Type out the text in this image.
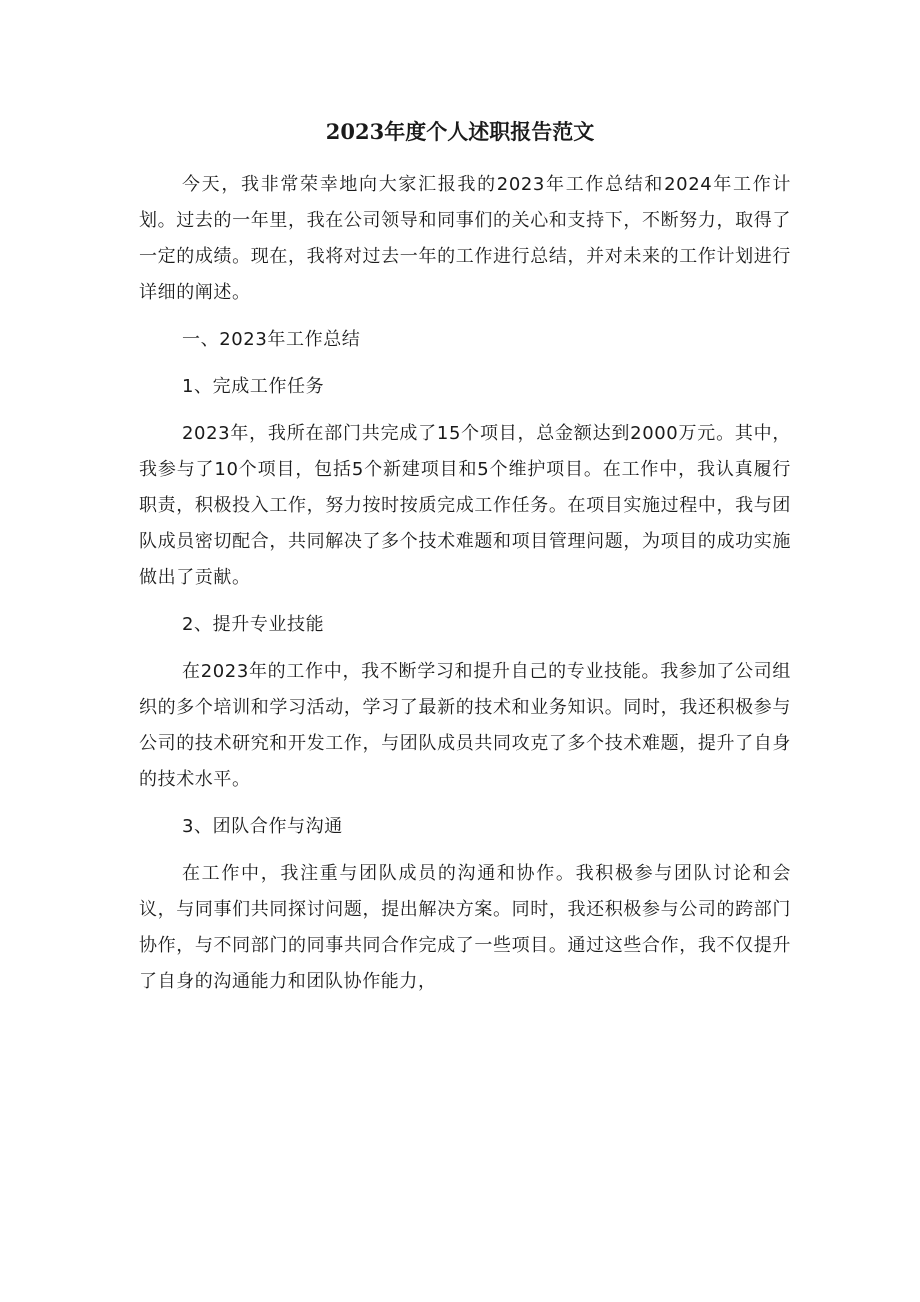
2023年度个人述职报告范文

今天，我非常荣幸地向大家汇报我的2023年工作总结和2024年工作计划。过去的一年里，我在公司领导和同事们的关心和支持下，不断努力，取得了一定的成绩。现在，我将对过去一年的工作进行总结，并对未来的工作计划进行详细的阐述。

一、2023年工作总结

1、完成工作任务

2023年，我所在部门共完成了15个项目，总金额达到2000万元。其中，我参与了10个项目，包括5个新建项目和5个维护项目。在工作中，我认真履行职责，积极投入工作，努力按时按质完成工作任务。在项目实施过程中，我与团队成员密切配合，共同解决了多个技术难题和项目管理问题，为项目的成功实施做出了贡献。

2、提升专业技能

在2023年的工作中，我不断学习和提升自己的专业技能。我参加了公司组织的多个培训和学习活动，学习了最新的技术和业务知识。同时，我还积极参与公司的技术研究和开发工作，与团队成员共同攻克了多个技术难题，提升了自身的技术水平。

3、团队合作与沟通

在工作中，我注重与团队成员的沟通和协作。我积极参与团队讨论和会议，与同事们共同探讨问题，提出解决方案。同时，我还积极参与公司的跨部门协作，与不同部门的同事共同合作完成了一些项目。通过这些合作，我不仅提升了自身的沟通能力和团队协作能力，
